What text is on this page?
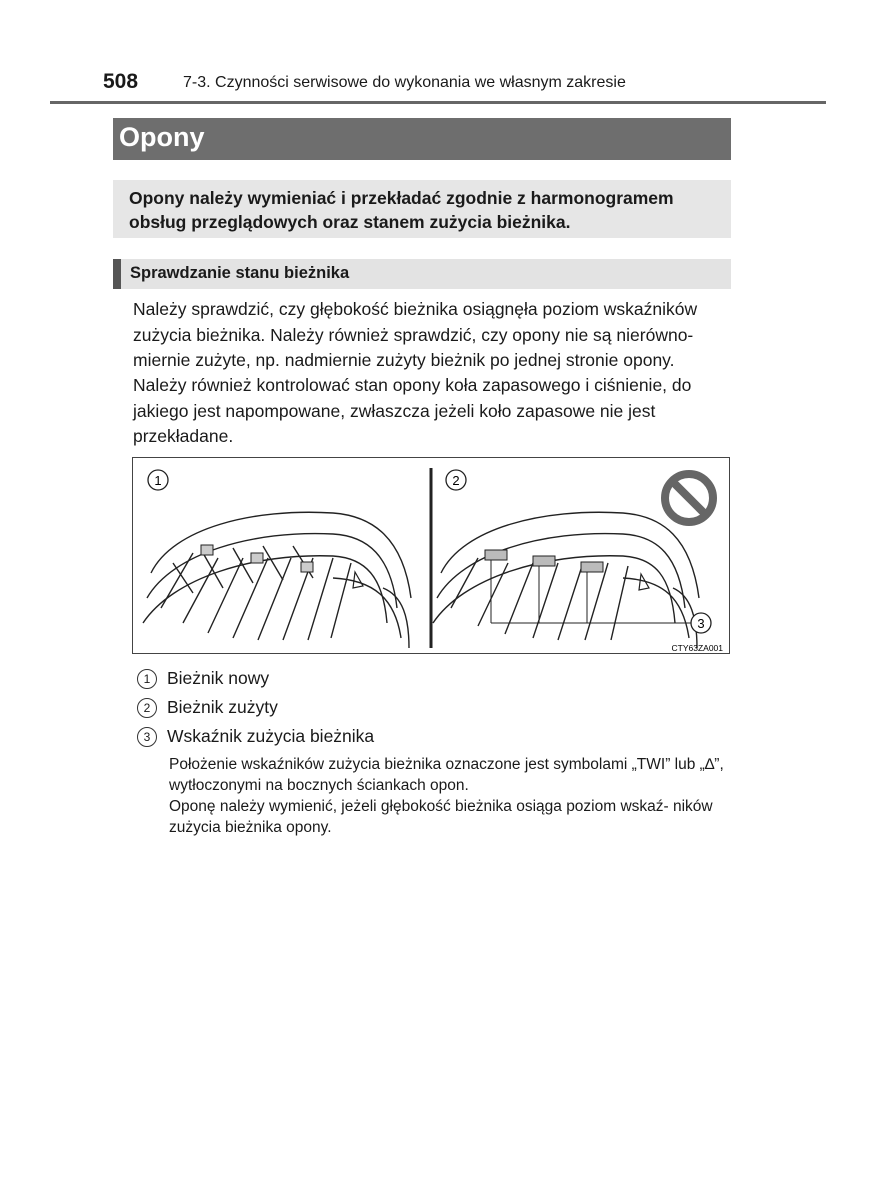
508	7-3. Czynności serwisowe do wykonania we własnym zakresie
Opony

Opony należy wymieniać i przekładać zgodnie z harmonogramem obsług przeglądowych oraz stanem zużycia bieżnika.

Sprawdzanie stanu bieżnika

Należy sprawdzić, czy głębokość bieżnika osiągnęła poziom wskaźników zużycia bieżnika. Należy również sprawdzić, czy opony nie są nierówno- miernie zużyte, np. nadmiernie zużyty bieżnik po jednej stronie opony.

Należy również kontrolować stan opony koła zapasowego i ciśnienie, do jakiego jest napompowane, zwłaszcza jeżeli koło zapasowe nie jest przekładane.

1	2
3
CTY63ZA001
1 Bieżnik nowy
2 Bieżnik zużyty
3 Wskaźnik zużycia bieżnika

Położenie wskaźników zużycia bieżnika oznaczone jest symbolami „TWI” lub „∆”, wytłoczonymi na bocznych ściankach opon.

Oponę należy wymienić, jeżeli głębokość bieżnika osiąga poziom wskaź- ników zużycia bieżnika opony.
